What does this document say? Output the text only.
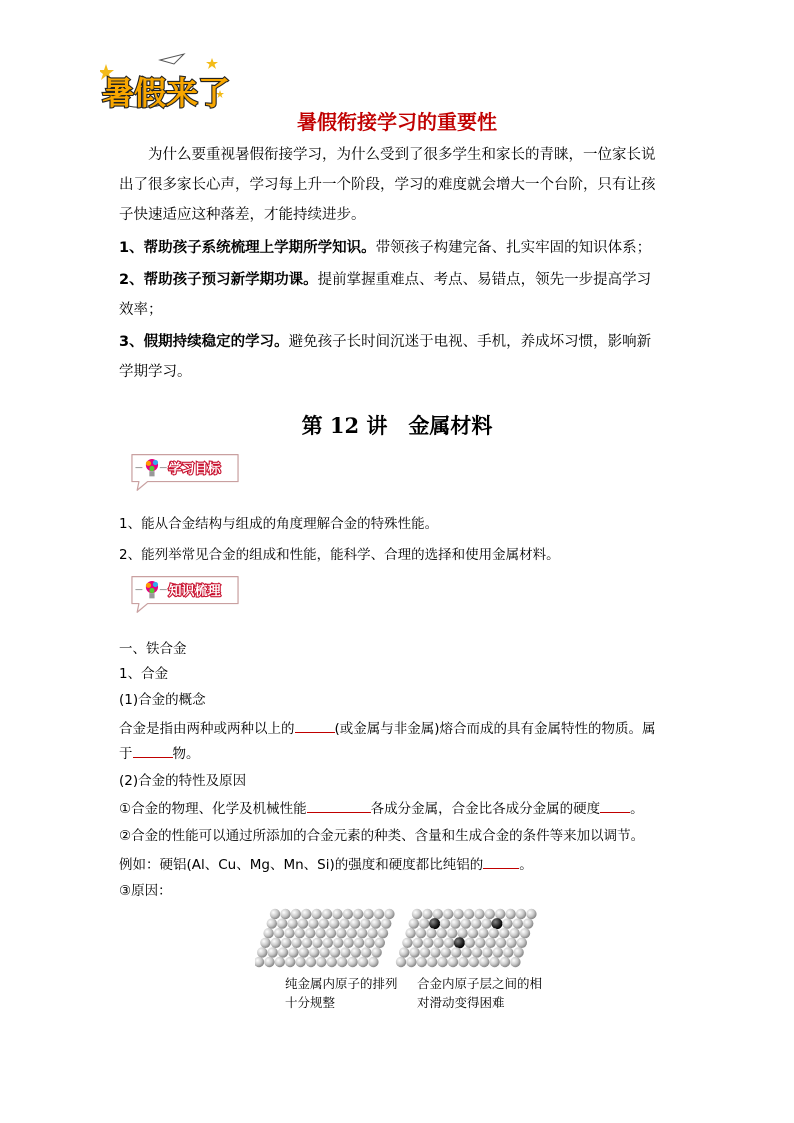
暑假来了
暑假衔接学习的重要性
为什么要重视暑假衔接学习，为什么受到了很多学生和家长的青睐，一位家长说
出了很多家长心声，学习每上升一个阶段，学习的难度就会增大一个台阶，只有让孩
子快速适应这种落差，才能持续进步。
1、帮助孩子系统梳理上学期所学知识。带领孩子构建完备、扎实牢固的知识体系；
2、帮助孩子预习新学期功课。提前掌握重难点、考点、易错点，领先一步提高学习
效率；
3、假期持续稳定的学习。避免孩子长时间沉迷于电视、手机，养成坏习惯，影响新
学期学习。
第 12 讲　金属材料
学习目标
1、能从合金结构与组成的角度理解合金的特殊性能。
2、能列举常见合金的组成和性能，能科学、合理的选择和使用金属材料。
知识梳理
一、铁合金
1、合金
(1)合金的概念
合金是指由两种或两种以上的	(或金属与非金属)熔合而成的具有金属特性的物质。属
于	物。
(2)合金的特性及原因
①合金的物理、化学及机械性能	各成分金属，合金比各成分金属的硬度 。
②合金的性能可以通过所添加的合金元素的种类、含量和生成合金的条件等来加以调节。
例如：硬铝(Al、Cu、Mg、Mn、Si)的强度和硬度都比纯铝的	。
③原因：
纯金属内原子的排列
十分规整
合金内原子层之间的相
对滑动变得困难
